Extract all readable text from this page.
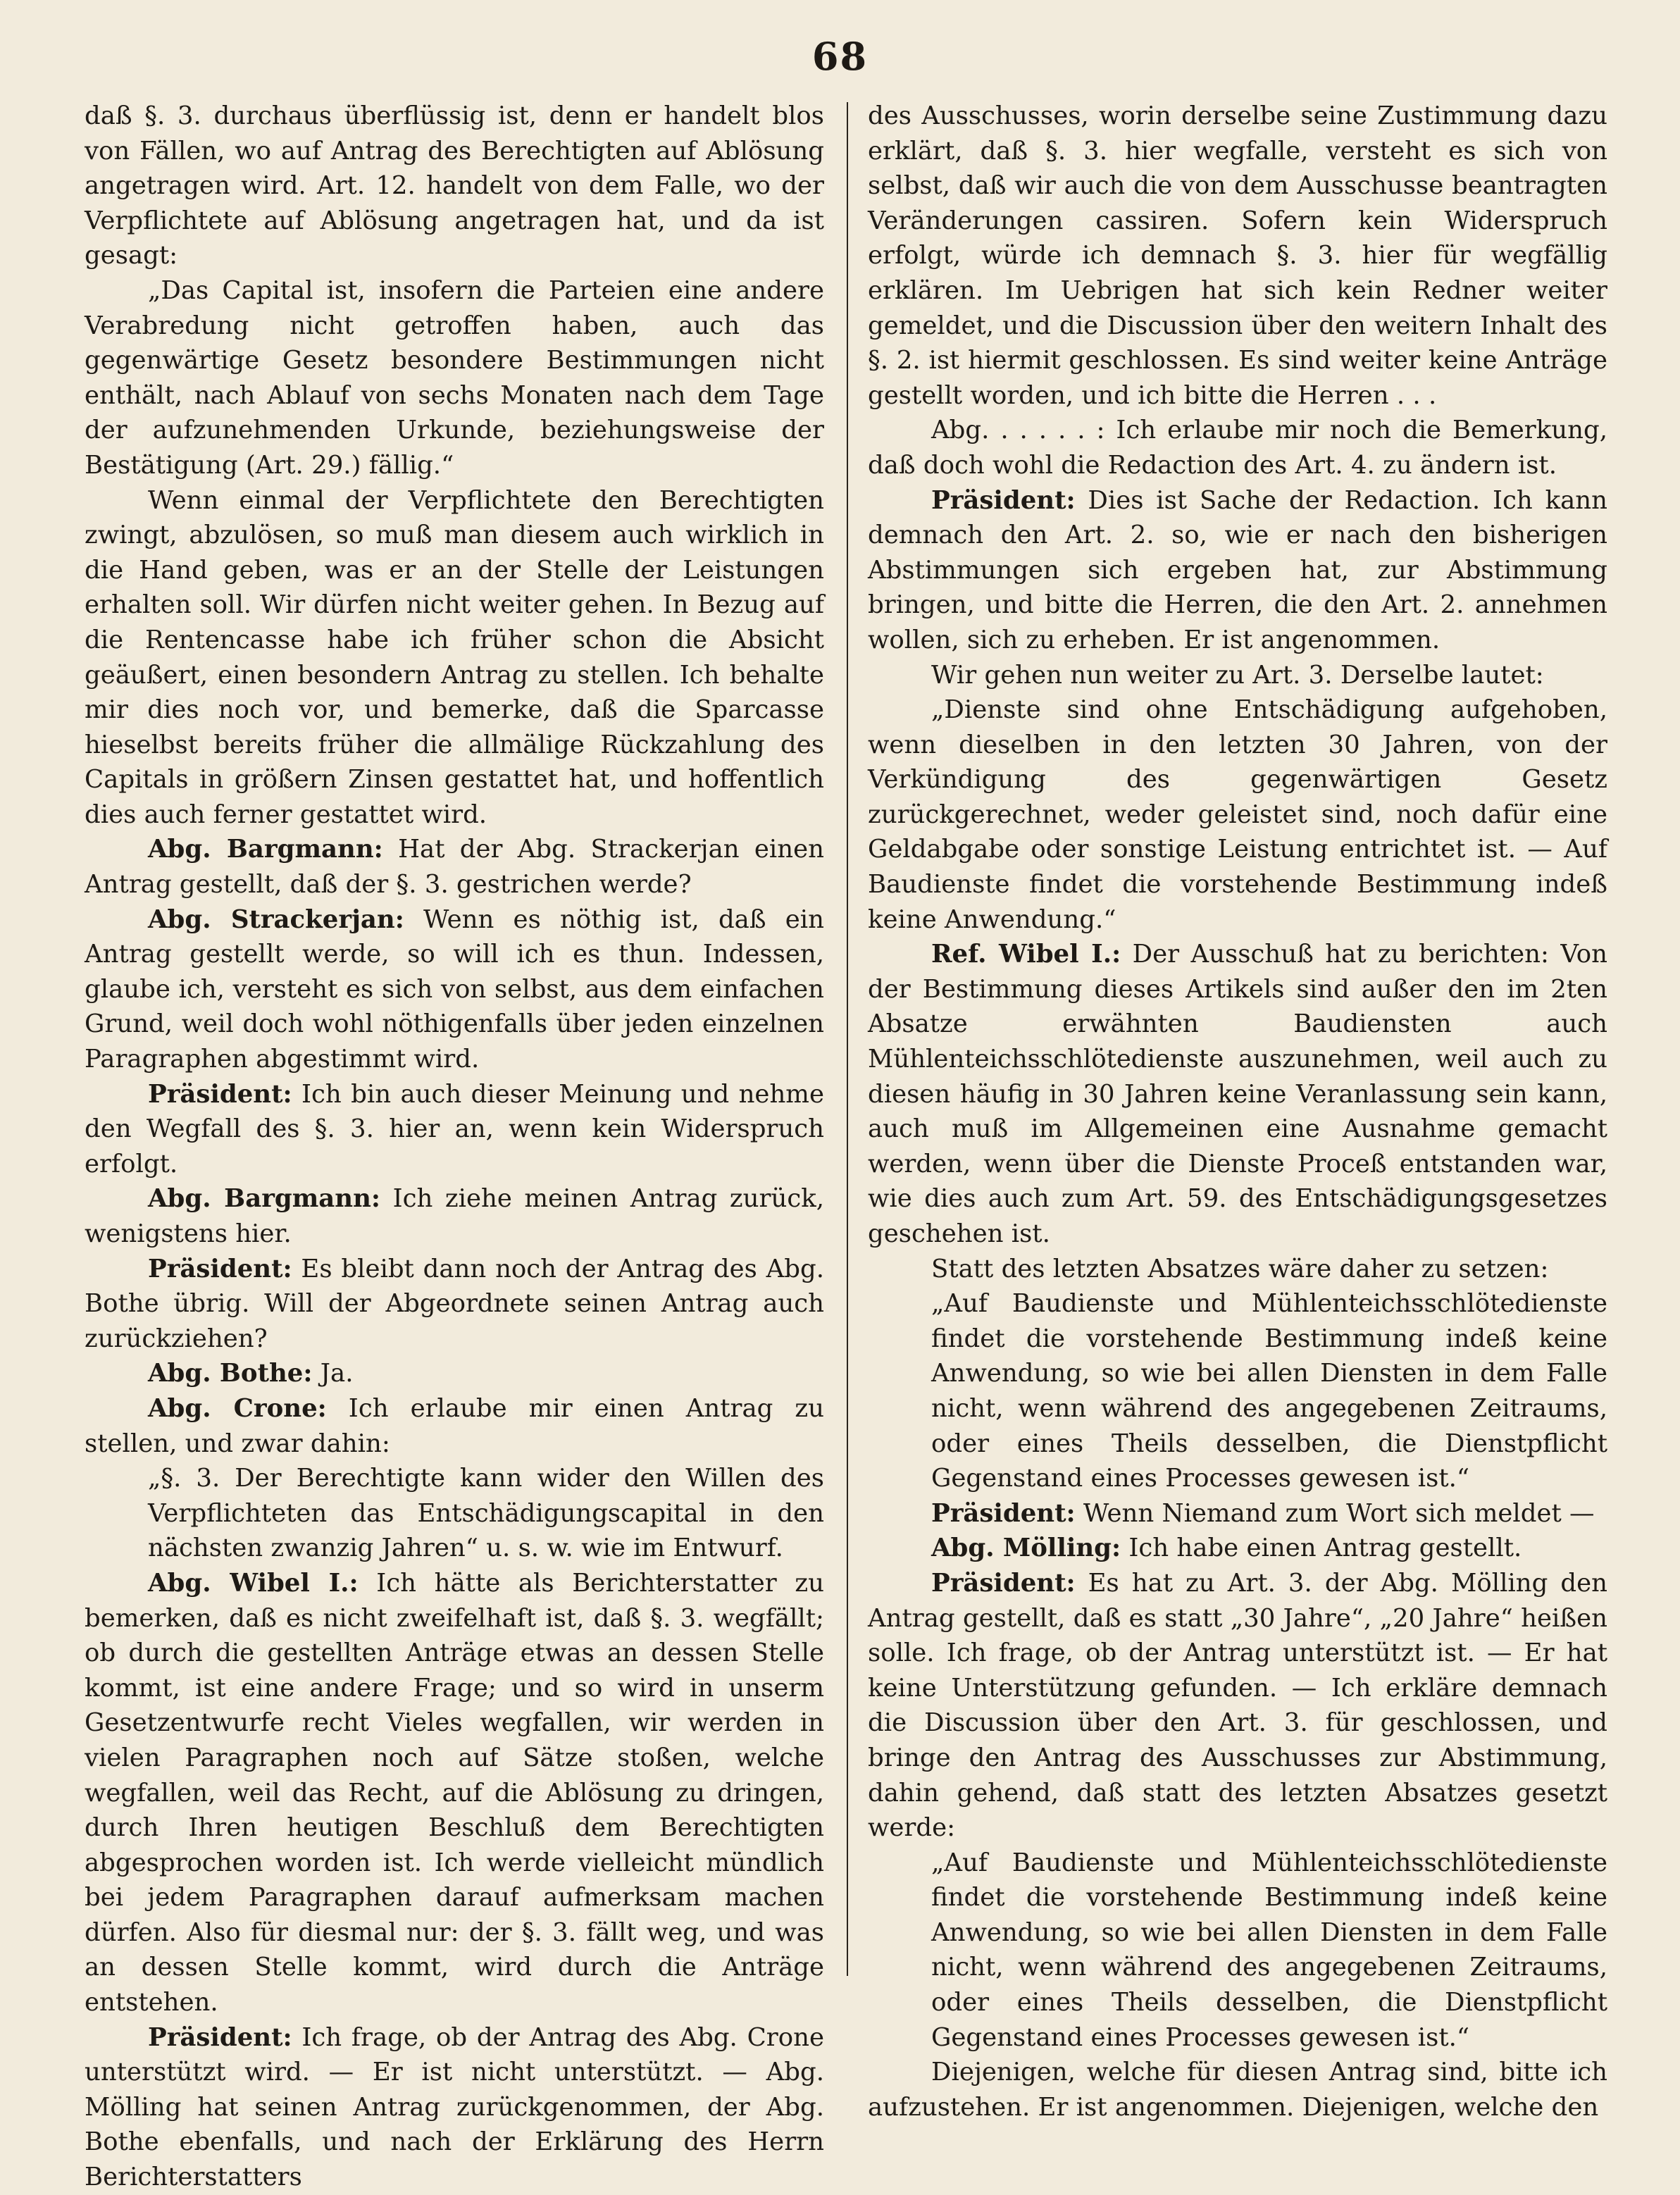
68

daß §. 3. durchaus überflüssig ist, denn er handelt blos von Fällen, wo auf Antrag des Berechtigten auf Ablösung angetragen wird. Art. 12. handelt von dem Falle, wo der Verpflichtete auf Ablösung angetragen hat, und da ist gesagt:

„Das Capital ist, insofern die Parteien eine andere Verabredung nicht getroffen haben, auch das gegenwärtige Gesetz besondere Bestimmungen nicht enthält, nach Ablauf von sechs Monaten nach dem Tage der aufzunehmenden Urkunde, beziehungsweise der Bestätigung (Art. 29.) fällig.“

Wenn einmal der Verpflichtete den Berechtigten zwingt, abzulösen, so muß man diesem auch wirklich in die Hand geben, was er an der Stelle der Leistungen erhalten soll. Wir dürfen nicht weiter gehen. In Bezug auf die Rentencasse habe ich früher schon die Absicht geäußert, einen besondern Antrag zu stellen. Ich behalte mir dies noch vor, und bemerke, daß die Sparcasse hieselbst bereits früher die allmälige Rückzahlung des Capitals in größern Zinsen gestattet hat, und hoffentlich dies auch ferner gestattet wird.

Abg. Bargmann: Hat der Abg. Strackerjan einen Antrag gestellt, daß der §. 3. gestrichen werde?

Abg. Strackerjan: Wenn es nöthig ist, daß ein Antrag gestellt werde, so will ich es thun. Indessen, glaube ich, versteht es sich von selbst, aus dem einfachen Grund, weil doch wohl nöthigenfalls über jeden einzelnen Paragraphen abgestimmt wird.

Präsident: Ich bin auch dieser Meinung und nehme den Wegfall des §. 3. hier an, wenn kein Widerspruch erfolgt.

Abg. Bargmann: Ich ziehe meinen Antrag zurück, wenigstens hier.

Präsident: Es bleibt dann noch der Antrag des Abg. Bothe übrig. Will der Abgeordnete seinen Antrag auch zurückziehen?

Abg. Bothe: Ja.

Abg. Crone: Ich erlaube mir einen Antrag zu stellen, und zwar dahin:

„§. 3. Der Berechtigte kann wider den Willen des Verpflichteten das Entschädigungscapital in den nächsten zwanzig Jahren“ u. s. w. wie im Entwurf.

Abg. Wibel I.: Ich hätte als Berichterstatter zu bemerken, daß es nicht zweifelhaft ist, daß §. 3. wegfällt; ob durch die gestellten Anträge etwas an dessen Stelle kommt, ist eine andere Frage; und so wird in unserm Gesetzentwurfe recht Vieles wegfallen, wir werden in vielen Paragraphen noch auf Sätze stoßen, welche wegfallen, weil das Recht, auf die Ablösung zu dringen, durch Ihren heutigen Beschluß dem Berechtigten abgesprochen worden ist. Ich werde vielleicht mündlich bei jedem Paragraphen darauf aufmerksam machen dürfen. Also für diesmal nur: der §. 3. fällt weg, und was an dessen Stelle kommt, wird durch die Anträge entstehen.

Präsident: Ich frage, ob der Antrag des Abg. Crone unterstützt wird. — Er ist nicht unterstützt. — Abg. Mölling hat seinen Antrag zurückgenommen, der Abg. Bothe ebenfalls, und nach der Erklärung des Herrn Berichterstatters

des Ausschusses, worin derselbe seine Zustimmung dazu erklärt, daß §. 3. hier wegfalle, versteht es sich von selbst, daß wir auch die von dem Ausschusse beantragten Veränderungen cassiren. Sofern kein Widerspruch erfolgt, würde ich demnach §. 3. hier für wegfällig erklären. Im Uebrigen hat sich kein Redner weiter gemeldet, und die Discussion über den weitern Inhalt des §. 2. ist hiermit geschlossen. Es sind weiter keine Anträge gestellt worden, und ich bitte die Herren . . .

Abg. . . . . . : Ich erlaube mir noch die Bemerkung, daß doch wohl die Redaction des Art. 4. zu ändern ist.

Präsident: Dies ist Sache der Redaction. Ich kann demnach den Art. 2. so, wie er nach den bisherigen Abstimmungen sich ergeben hat, zur Abstimmung bringen, und bitte die Herren, die den Art. 2. annehmen wollen, sich zu erheben. Er ist angenommen.

Wir gehen nun weiter zu Art. 3. Derselbe lautet:

„Dienste sind ohne Entschädigung aufgehoben, wenn dieselben in den letzten 30 Jahren, von der Verkündigung des gegenwärtigen Gesetz zurückgerechnet, weder geleistet sind, noch dafür eine Geldabgabe oder sonstige Leistung entrichtet ist. — Auf Baudienste findet die vorstehende Bestimmung indeß keine Anwendung.“

Ref. Wibel I.: Der Ausschuß hat zu berichten: Von der Bestimmung dieses Artikels sind außer den im 2ten Absatze erwähnten Baudiensten auch Mühlenteichsschlötedienste auszunehmen, weil auch zu diesen häufig in 30 Jahren keine Veranlassung sein kann, auch muß im Allgemeinen eine Ausnahme gemacht werden, wenn über die Dienste Proceß entstanden war, wie dies auch zum Art. 59. des Entschädigungsgesetzes geschehen ist.

Statt des letzten Absatzes wäre daher zu setzen:

„Auf Baudienste und Mühlenteichsschlötedienste findet die vorstehende Bestimmung indeß keine Anwendung, so wie bei allen Diensten in dem Falle nicht, wenn während des angegebenen Zeitraums, oder eines Theils desselben, die Dienstpflicht Gegenstand eines Processes gewesen ist.“

Präsident: Wenn Niemand zum Wort sich meldet —

Abg. Mölling: Ich habe einen Antrag gestellt.

Präsident: Es hat zu Art. 3. der Abg. Mölling den Antrag gestellt, daß es statt „30 Jahre“, „20 Jahre“ heißen solle. Ich frage, ob der Antrag unterstützt ist. — Er hat keine Unterstützung gefunden. — Ich erkläre demnach die Discussion über den Art. 3. für geschlossen, und bringe den Antrag des Ausschusses zur Abstimmung, dahin gehend, daß statt des letzten Absatzes gesetzt werde:

„Auf Baudienste und Mühlenteichsschlötedienste findet die vorstehende Bestimmung indeß keine Anwendung, so wie bei allen Diensten in dem Falle nicht, wenn während des angegebenen Zeitraums, oder eines Theils desselben, die Dienstpflicht Gegenstand eines Processes gewesen ist.“

Diejenigen, welche für diesen Antrag sind, bitte ich aufzustehen. Er ist angenommen. Diejenigen, welche den
